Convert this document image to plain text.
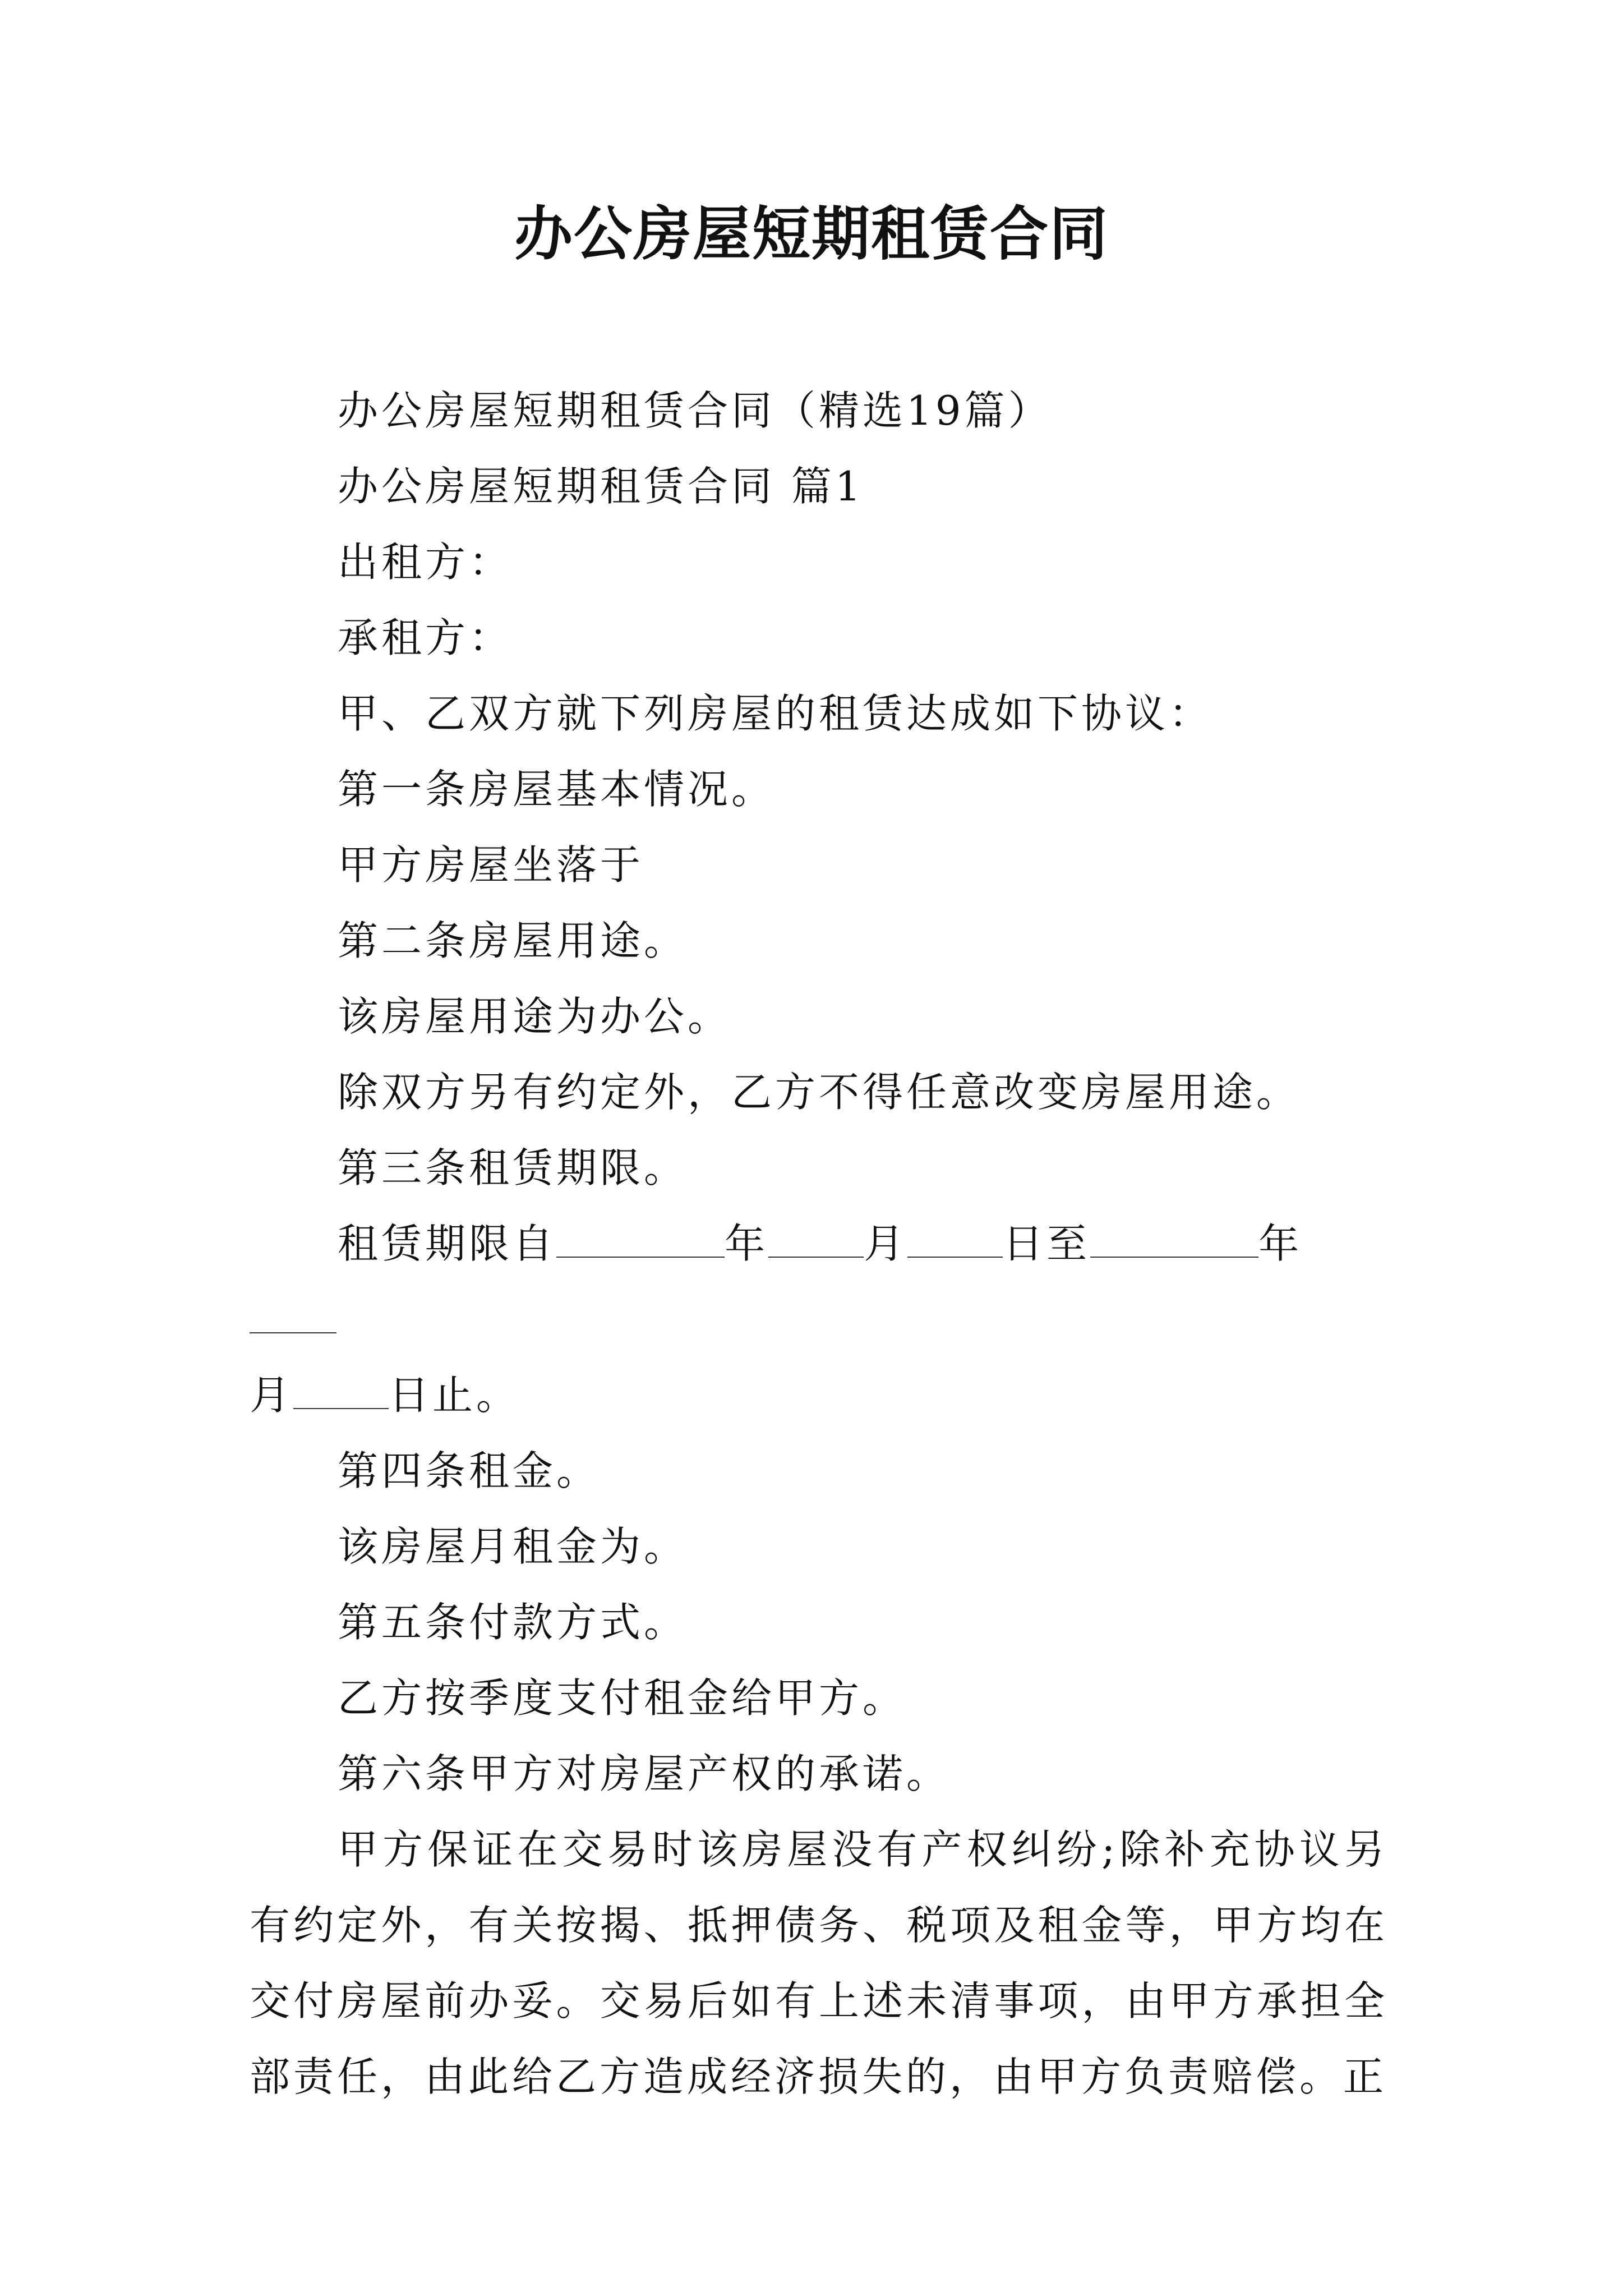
办公房屋短期租赁合同

办公房屋短期租赁合同（精选19篇）

办公房屋短期租赁合同 篇1

出租方：

承租方：

甲、乙双方就下列房屋的租赁达成如下协议：

第一条房屋基本情况。

甲方房屋坐落于

第二条房屋用途。

该房屋用途为办公。

除双方另有约定外，乙方不得任意改变房屋用途。

第三条租赁期限。

租赁期限自	年 月 日至	年
月 日止。

第四条租金。

该房屋月租金为。

第五条付款方式。

乙方按季度支付租金给甲方。

第六条甲方对房屋产权的承诺。

甲方保证在交易时该房屋没有产权纠纷;除补充协议另有约定外，有关按揭、抵押债务、税项及租金等，甲方均在交付房屋前办妥。交易后如有上述未清事项，由甲方承担全部责任，由此给乙方造成经济损失的，由甲方负责赔偿。正
